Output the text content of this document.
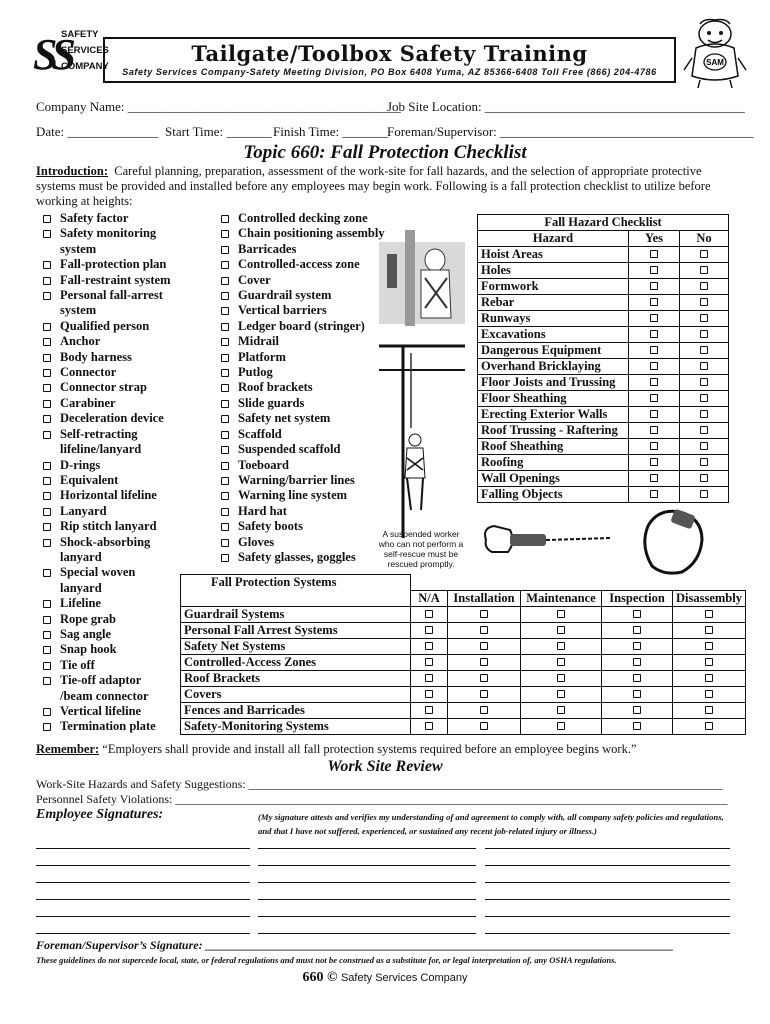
SS
SAFETY
SERVICES
COMPANY
Tailgate/Toolbox Safety Training
Safety Services Company-Safety Meeting Division, PO Box 6408 Yuma, AZ 85366-6408 Toll Free (866) 204-4786
SAM
Company Name: __________________________________________
Job Site Location: ________________________________________
Date: ______________ Start Time: _______ Finish Time: _______ Foreman/Supervisor: _______________________________________
Topic 660: Fall Protection Checklist
Introduction: Careful planning, preparation, assessment of the work-site for fall hazards, and the selection of appropriate protective systems must be provided and installed before any employees may begin work. Following is a fall protection checklist to utilize before working at heights:
Safety factor
Safety monitoring
system
Fall-protection plan
Fall-restraint system
Personal fall-arrest
system
Qualified person
Anchor
Body harness
Connector
Connector strap
Carabiner
Deceleration device
Self-retracting
lifeline/lanyard
D-rings
Equivalent
Horizontal lifeline
Lanyard
Rip stitch lanyard
Shock-absorbing
lanyard
Special woven
lanyard
Lifeline
Rope grab
Sag angle
Snap hook
Tie off
Tie-off adaptor
/beam connector
Vertical lifeline
Termination plate
Controlled decking zone
Chain positioning assembly
Barricades
Controlled-access zone
Cover
Guardrail system
Vertical barriers
Ledger board (stringer)
Midrail
Platform
Putlog
Roof brackets
Slide guards
Safety net system
Scaffold
Suspended scaffold
Toeboard
Warning/barrier lines
Warning line system
Hard hat
Safety boots
Gloves
Safety glasses, goggles
A suspended worker who can not perform a self-rescue must be rescued promptly.
Fall Hazard Checklist		
Hazard	Yes	No
Hoist Areas		
Holes		
Formwork		
Rebar		
Runways		
Excavations		
Dangerous Equipment		
Overhand Bricklaying		
Floor Joists and Trussing		
Floor Sheathing		
Erecting Exterior Walls		
Roof Trussing - Raftering		
Roof Sheathing		
Roofing		
Wall Openings		
Falling Objects		
Fall Protection Systems					
	N/A	Installation	Maintenance	Inspection	Disassembly
Guardrail Systems					
Personal Fall Arrest Systems					
Safety Net Systems					
Controlled-Access Zones					
Roof Brackets					
Covers					
Fences and Barricades					
Safety-Monitoring Systems					
Remember: “Employers shall provide and install all fall protection systems required before an employee begins work.”
Work Site Review
Work-Site Hazards and Safety Suggestions: _______________________________________________________________________________
Personnel Safety Violations: ____________________________________________________________________________________________
Employee Signatures:	(My signature attests and verifies my understanding of and agreement to comply with, all company safety policies and regulations, and that I have not suffered, experienced, or sustained any recent job-related injury or illness.)
Foreman/Supervisor’s Signature: ______________________________________________________________________________
These guidelines do not supercede local, state, or federal regulations and must not be construed as a substitute for, or legal interpretation of, any OSHA regulations.
660 © Safety Services Company
